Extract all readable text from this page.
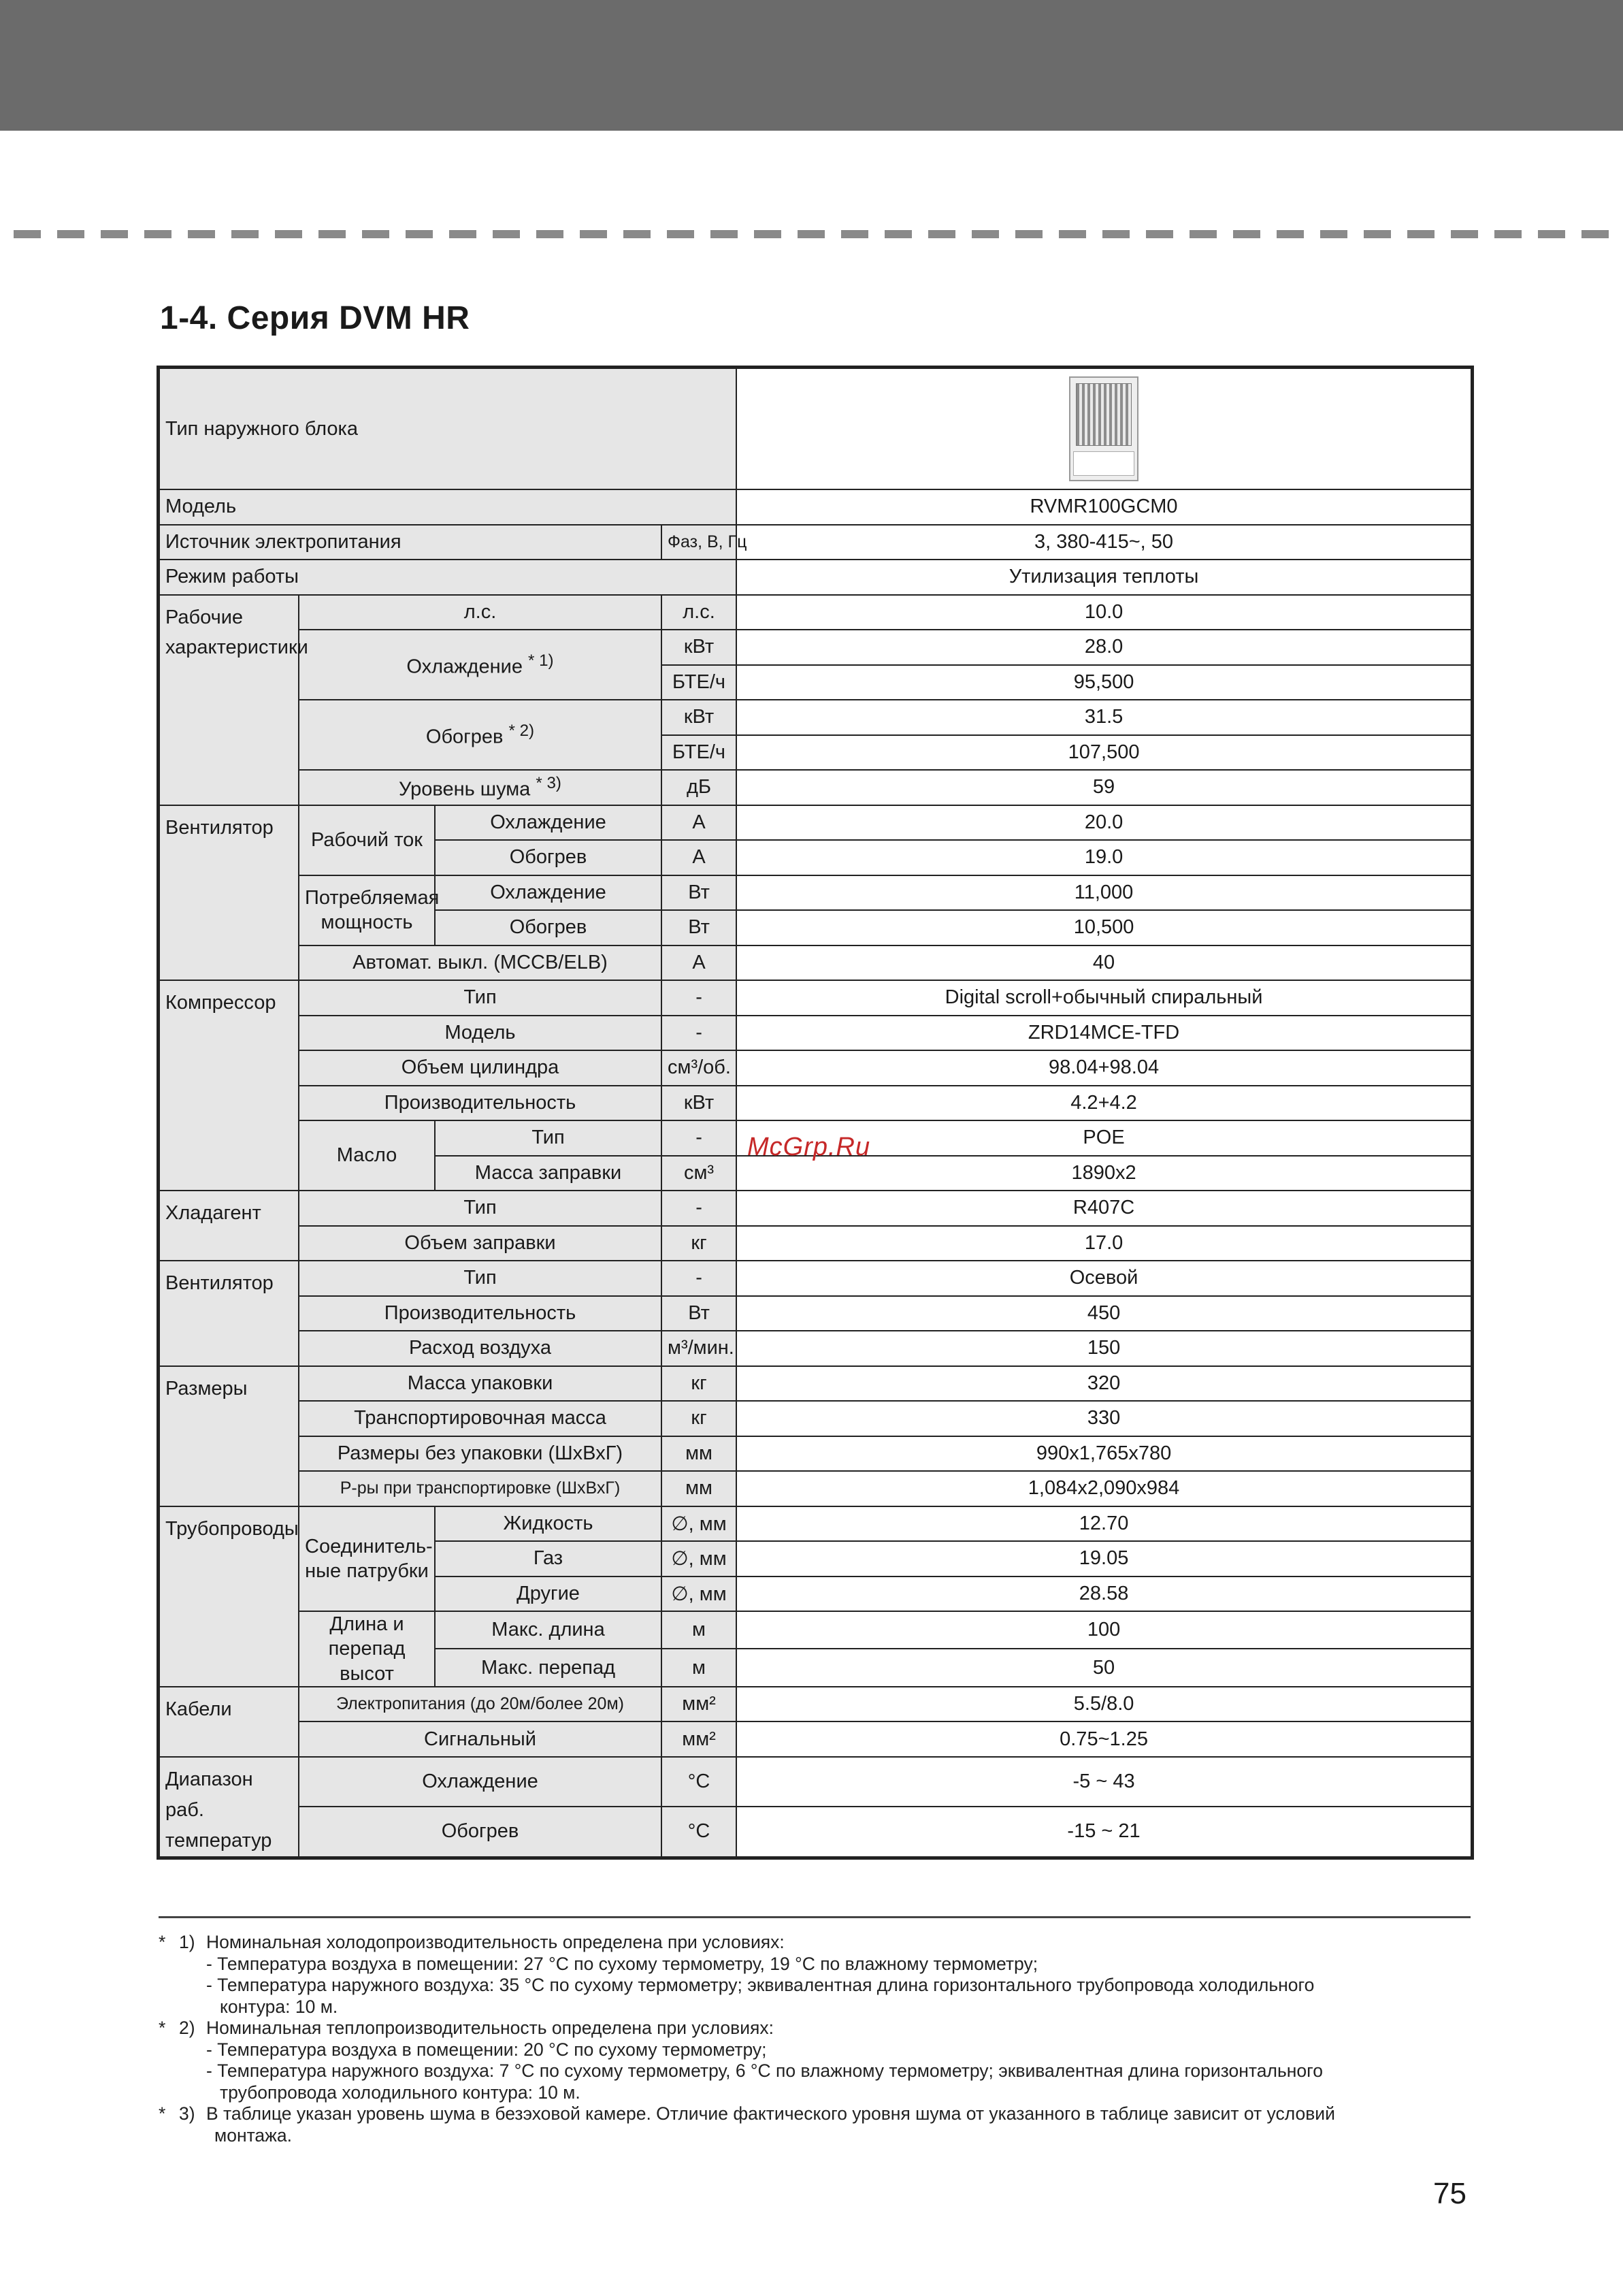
1-4. Серия DVM HR
Тип наружного блока				

Модель				RVMR100GCM0
Источник электропитания			Фаз, В, Гц	3, 380-415~, 50
Режим работы				Утилизация теплоты
Рабочие характеристики	л.с.		л.с.	10.0
	Охлаждение $^{* 1)}$		кВт	28.0
			БТЕ/ч	95,500
	Обогрев $^{* 2)}$		кВт	31.5
			БТЕ/ч	107,500
	Уровень шума $^{* 3)}$		дБ	59
Вентилятор	Рабочий ток	Охлаждение	А	20.0
		Обогрев	А	19.0
	Потребляемая мощность	Охлаждение	Вт	11,000
		Обогрев	Вт	10,500
	Автомат. выкл. (MCCB/ELB)		А	40
Компрессор	Тип		-	Digital scroll+обычный спиральный
	Модель		-	ZRD14MCE-TFD
	Объем цилиндра		см³/об.	98.04+98.04
	Производительность		кВт	4.2+4.2
	Масло	Тип	-	POE
		Масса заправки	см³	1890x2
Хладагент	Тип		-	R407C
	Объем заправки		кг	17.0
Вентилятор	Тип		-	Осевой
	Производительность		Вт	450
	Расход воздуха		м³/мин.	150
Размеры	Масса упаковки		кг	320
	Транспортировочная масса		кг	330
	Размеры без упаковки (ШхВхГ)		мм	990x1,765x780
	Р-ры при транспортировке (ШхВхГ)		мм	1,084x2,090x984
Трубопроводы	Соединитель-ные патрубки	Жидкость	∅, мм	12.70
		Газ	∅, мм	19.05
		Другие	∅, мм	28.58
	Длина и перепад высот	Макс. длина	м	100
		Макс. перепад	м	50
Кабели	Электропитания (до 20м/более 20м)		мм²	5.5/8.0
	Сигнальный		мм²	0.75~1.25
Диапазон раб. температур	Охлаждение		°C	-5 ~ 43
	Обогрев		°C	-15 ~ 21
McGrp.Ru
* 1) Номинальная холодопроизводительность определена при условиях:
- Температура воздуха в помещении: 27 °C по сухому термометру, 19 °C по влажному термометру;
- Температура наружного воздуха: 35 °C по сухому термометру; эквивалентная длина горизонтального трубопровода холодильного
контура: 10 м.
* 2) Номинальная теплопроизводительность определена при условиях:
- Температура воздуха в помещении: 20 °C по сухому термометру;
- Температура наружного воздуха: 7 °C по сухому термометру, 6 °C по влажному термометру; эквивалентная длина горизонтального
трубопровода холодильного контура: 10 м.
* 3) В таблице указан уровень шума в безэховой камере. Отличие фактического уровня шума от указанного в таблице зависит от условий
монтажа.
75
